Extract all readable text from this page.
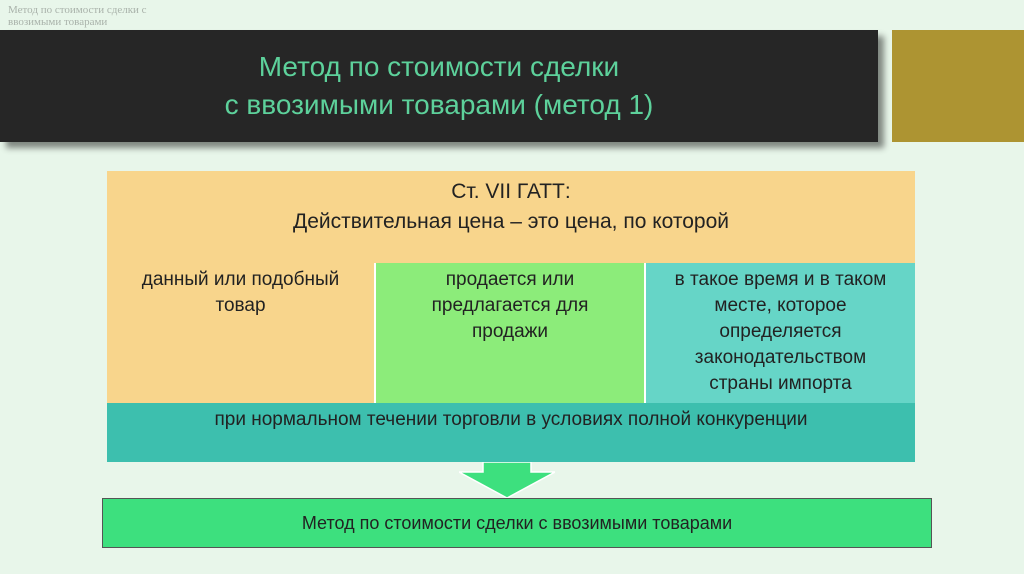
Метод по стоимости сделки с ввозимыми товарами
Метод по стоимости сделки
с ввозимыми товарами (метод 1)
Ст. VII ГАТТ:
Действительная цена – это цена, по которой
данный или подобный
товар
продается или
предлагается для
продажи
в такое время и в таком
месте, которое
определяется
законодательством
страны импорта
при нормальном течении торговли в условиях полной конкуренции
Метод по стоимости сделки с ввозимыми товарами
